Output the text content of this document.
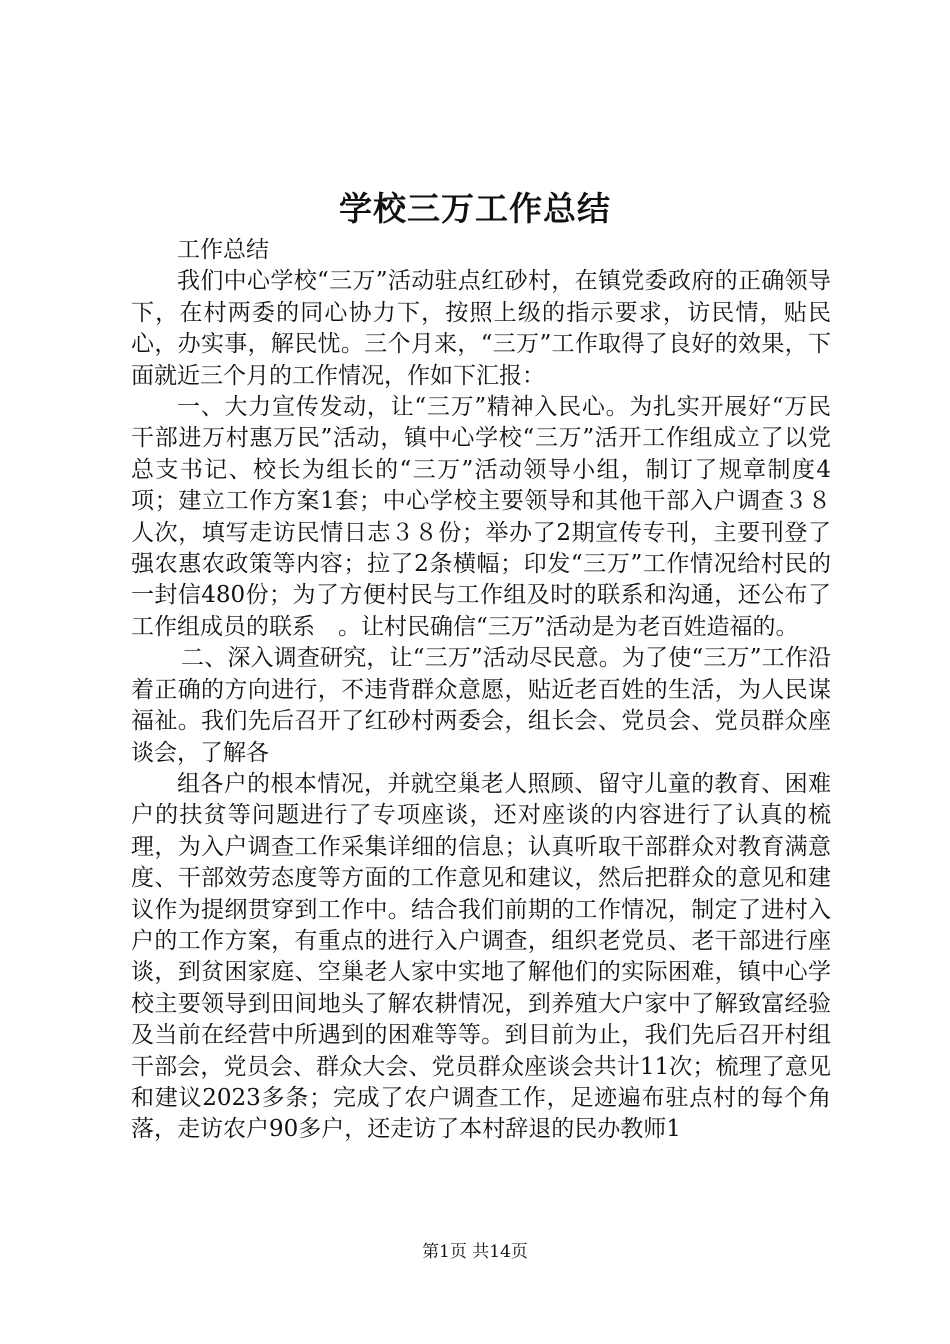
学校三万工作总结

工作总结

我们中心学校“三万”活动驻点红砂村，在镇党委政府的正确领导下，在村两委的同心协力下，按照上级的指示要求，访民情，贴民心，办实事，解民忧。三个月来，“三万”工作取得了良好的效果，下面就近三个月的工作情况，作如下汇报：

一、大力宣传发动，让“三万”精神入民心。为扎实开展好“万民干部进万村惠万民”活动，镇中心学校“三万”活开工作组成立了以党总支书记、校长为组长的“三万”活动领导小组，制订了规章制度4项；建立工作方案1套；中心学校主要领导和其他干部入户调查３８人次，填写走访民情日志３８份；举办了2期宣传专刊，主要刊登了强农惠农政策等内容；拉了2条横幅；印发“三万”工作情况给村民的一封信480份；为了方便村民与工作组及时的联系和沟通，还公布了工作组成员的联系　。让村民确信“三万”活动是为老百姓造福的。

二、深入调查研究，让“三万”活动尽民意。为了使“三万”工作沿着正确的方向进行，不违背群众意愿，贴近老百姓的生活，为人民谋福祉。我们先后召开了红砂村两委会，组长会、党员会、党员群众座谈会，了解各

组各户的根本情况，并就空巢老人照顾、留守儿童的教育、困难户的扶贫等问题进行了专项座谈，还对座谈的内容进行了认真的梳理，为入户调查工作采集详细的信息；认真听取干部群众对教育满意度、干部效劳态度等方面的工作意见和建议，然后把群众的意见和建议作为提纲贯穿到工作中。结合我们前期的工作情况，制定了进村入户的工作方案，有重点的进行入户调查，组织老党员、老干部进行座谈，到贫困家庭、空巢老人家中实地了解他们的实际困难，镇中心学校主要领导到田间地头了解农耕情况，到养殖大户家中了解致富经验及当前在经营中所遇到的困难等等。到目前为止，我们先后召开村组干部会，党员会、群众大会、党员群众座谈会共计11次；梳理了意见和建议2023多条；完成了农户调查工作，足迹遍布驻点村的每个角落，走访农户90多户，还走访了本村辞退的民办教师1

第1页 共14页
